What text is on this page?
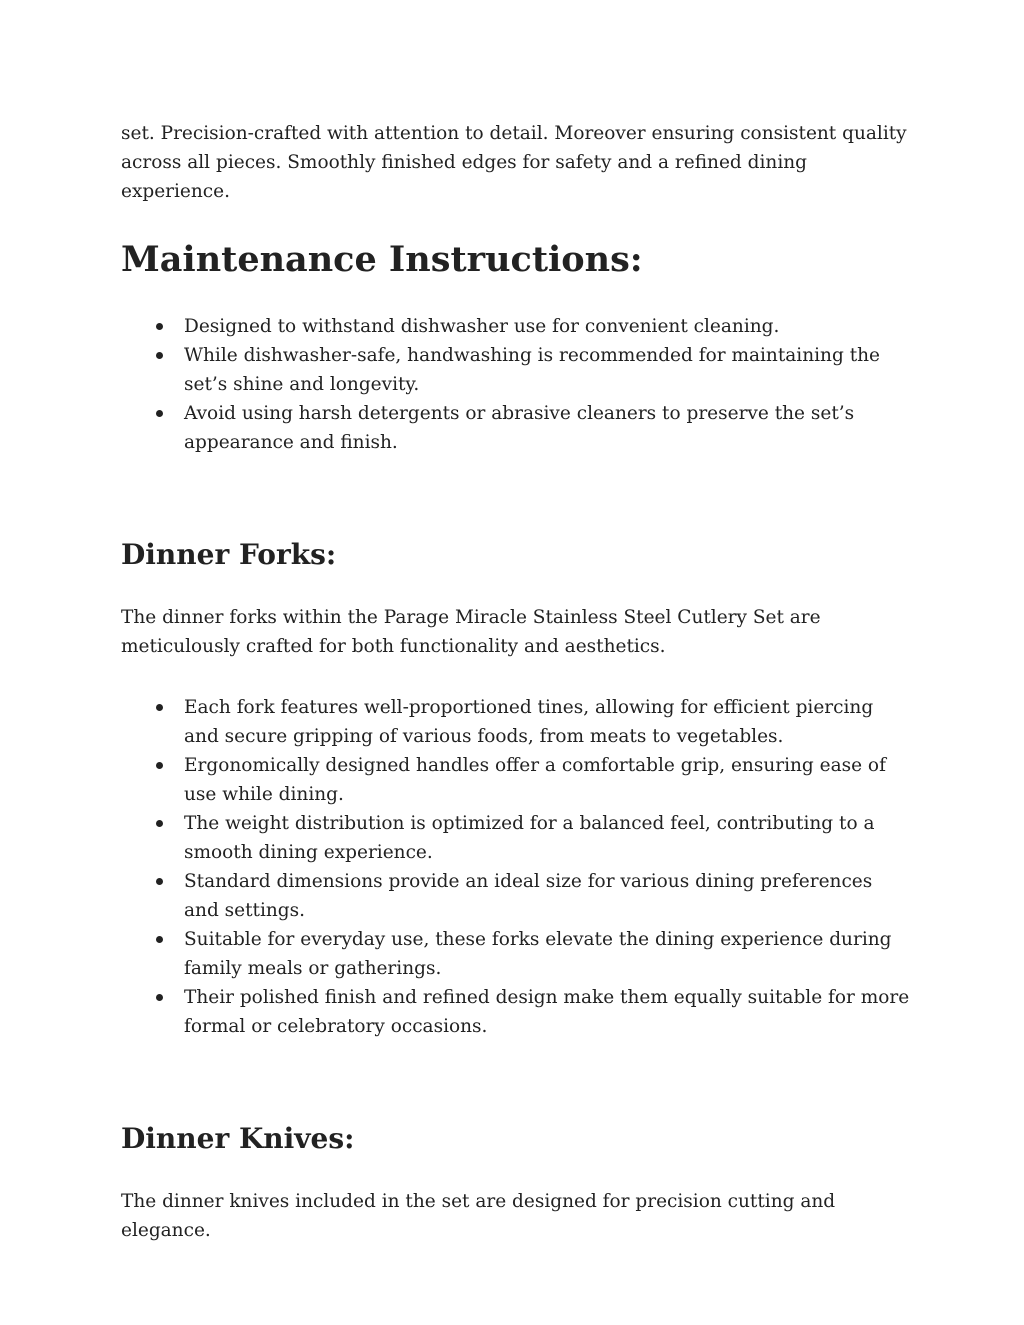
set. Precision-crafted with attention to detail. Moreover ensuring consistent quality across all pieces. Smoothly finished edges for safety and a refined dining experience.

Maintenance Instructions:
Designed to withstand dishwasher use for convenient cleaning.
While dishwasher-safe, handwashing is recommended for maintaining the set’s shine and longevity.
Avoid using harsh detergents or abrasive cleaners to preserve the set’s appearance and finish.
Dinner Forks:

The dinner forks within the Parage Miracle Stainless Steel Cutlery Set are meticulously crafted for both functionality and aesthetics.

Each fork features well-proportioned tines, allowing for efficient piercing and secure gripping of various foods, from meats to vegetables.
Ergonomically designed handles offer a comfortable grip, ensuring ease of use while dining.
The weight distribution is optimized for a balanced feel, contributing to a smooth dining experience.
Standard dimensions provide an ideal size for various dining preferences and settings.
Suitable for everyday use, these forks elevate the dining experience during family meals or gatherings.
Their polished finish and refined design make them equally suitable for more formal or celebratory occasions.
Dinner Knives:

The dinner knives included in the set are designed for precision cutting and elegance.
